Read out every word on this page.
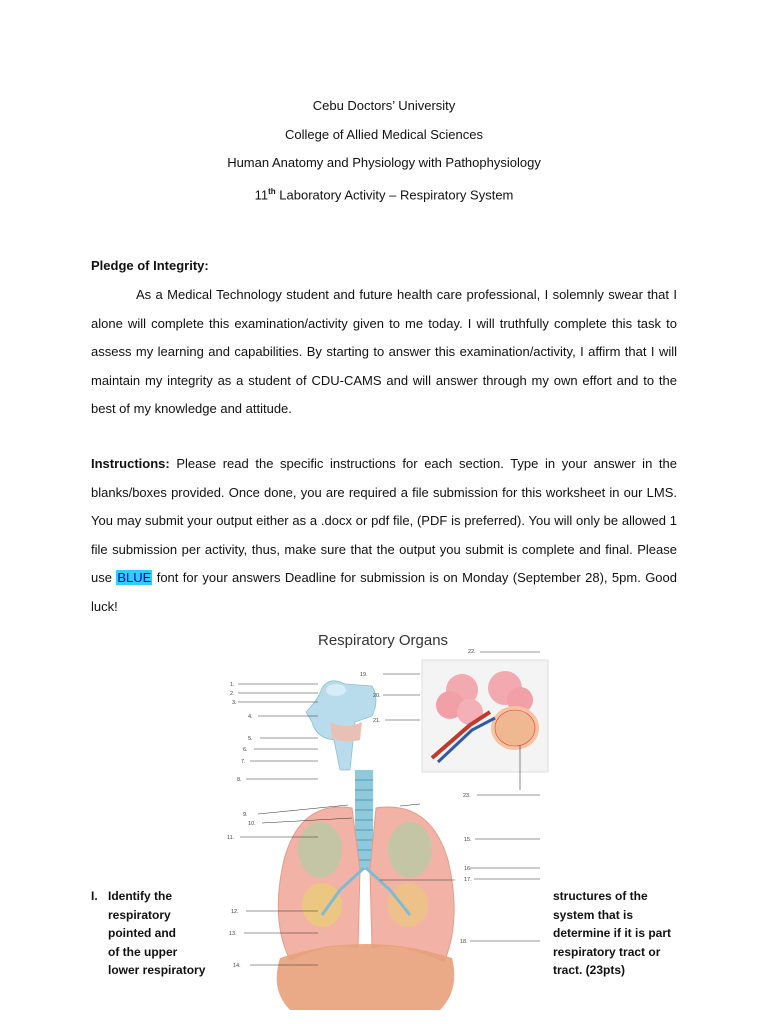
Cebu Doctors’ University

College of Allied Medical Sciences

Human Anatomy and Physiology with Pathophysiology

11th Laboratory Activity – Respiratory System

Pledge of Integrity:
As a Medical Technology student and future health care professional, I solemnly swear that I alone will complete this examination/activity given to me today. I will truthfully complete this task to assess my learning and capabilities. By starting to answer this examination/activity, I affirm that I will maintain my integrity as a student of CDU-CAMS and will answer through my own effort and to the best of my knowledge and attitude.
Instructions: Please read the specific instructions for each section. Type in your answer in the blanks/boxes provided. Once done, you are required a file submission for this worksheet in our LMS. You may submit your output either as a .docx or pdf file, (PDF is preferred). You will only be allowed 1 file submission per activity, thus, make sure that the output you submit is complete and final. Please use BLUE font for your answers Deadline for submission is on Monday (September 28), 5pm. Good luck!
Respiratory Organs
1.
2.
3.
4.
5.
6.
7.
8.
9.
10.
11.
12.
13.
14.
15.
16.
17.
18.
19.
20.
21.
22.
23.
I. Identify the
respiratory
pointed and
of the upper
lower respiratory
structures of the
system that is
determine if it is part
respiratory tract or
tract. (23pts)
